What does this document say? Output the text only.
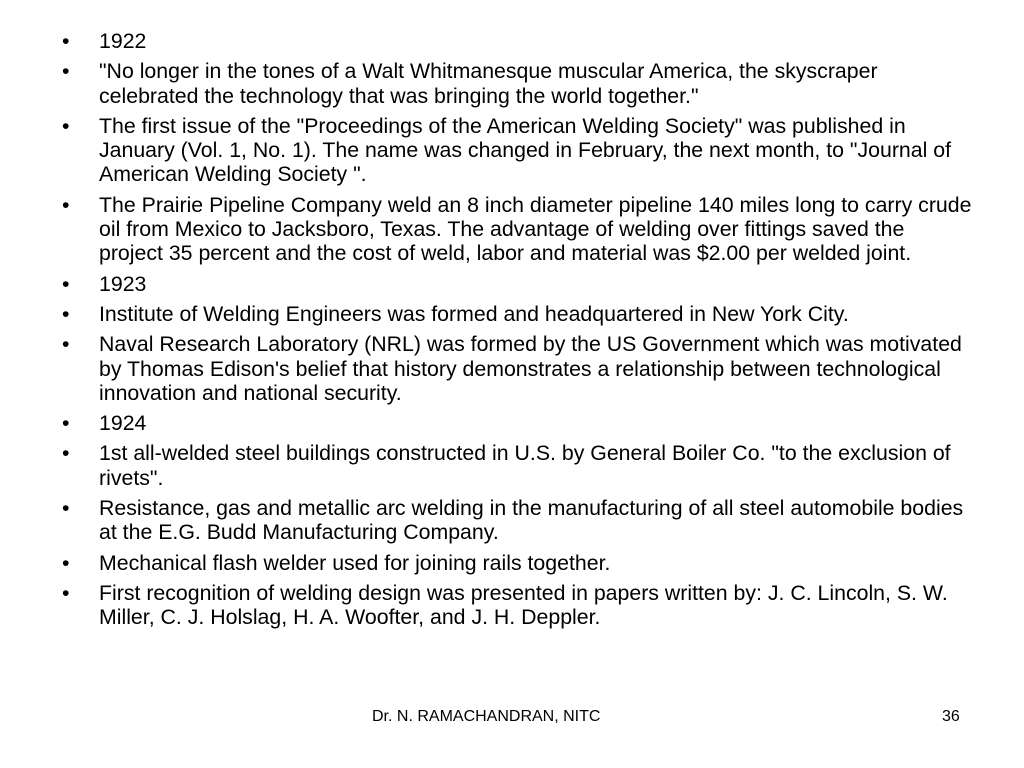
•	1922
•	"No longer in the tones of a Walt Whitmanesque muscular America, the skyscraper celebrated the technology that was bringing the world together."
•	The first issue of the "Proceedings of the American Welding Society" was published in January (Vol. 1, No. 1). The name was changed in February, the next month, to "Journal of American Welding Society ".
•	The Prairie Pipeline Company weld an 8 inch diameter pipeline 140 miles long to carry crude oil from Mexico to Jacksboro, Texas. The advantage of welding over fittings saved the project 35 percent and the cost of weld, labor and material was $2.00 per welded joint.
•	1923
•	Institute of Welding Engineers was formed and headquartered in New York City.
•	Naval Research Laboratory (NRL) was formed by the US Government which was motivated by Thomas Edison's belief that history demonstrates a relationship between technological innovation and national security.
•	1924
•	1st all-welded steel buildings constructed in U.S. by General Boiler Co. "to the exclusion of rivets".
•	Resistance, gas and metallic arc welding in the manufacturing of all steel automobile bodies at the E.G. Budd Manufacturing Company.
•	Mechanical flash welder used for joining rails together.
•	First recognition of welding design was presented in papers written by: J. C. Lincoln, S. W. Miller, C. J. Holslag, H. A. Woofter, and J. H. Deppler.
Dr. N. RAMACHANDRAN, NITC	36
